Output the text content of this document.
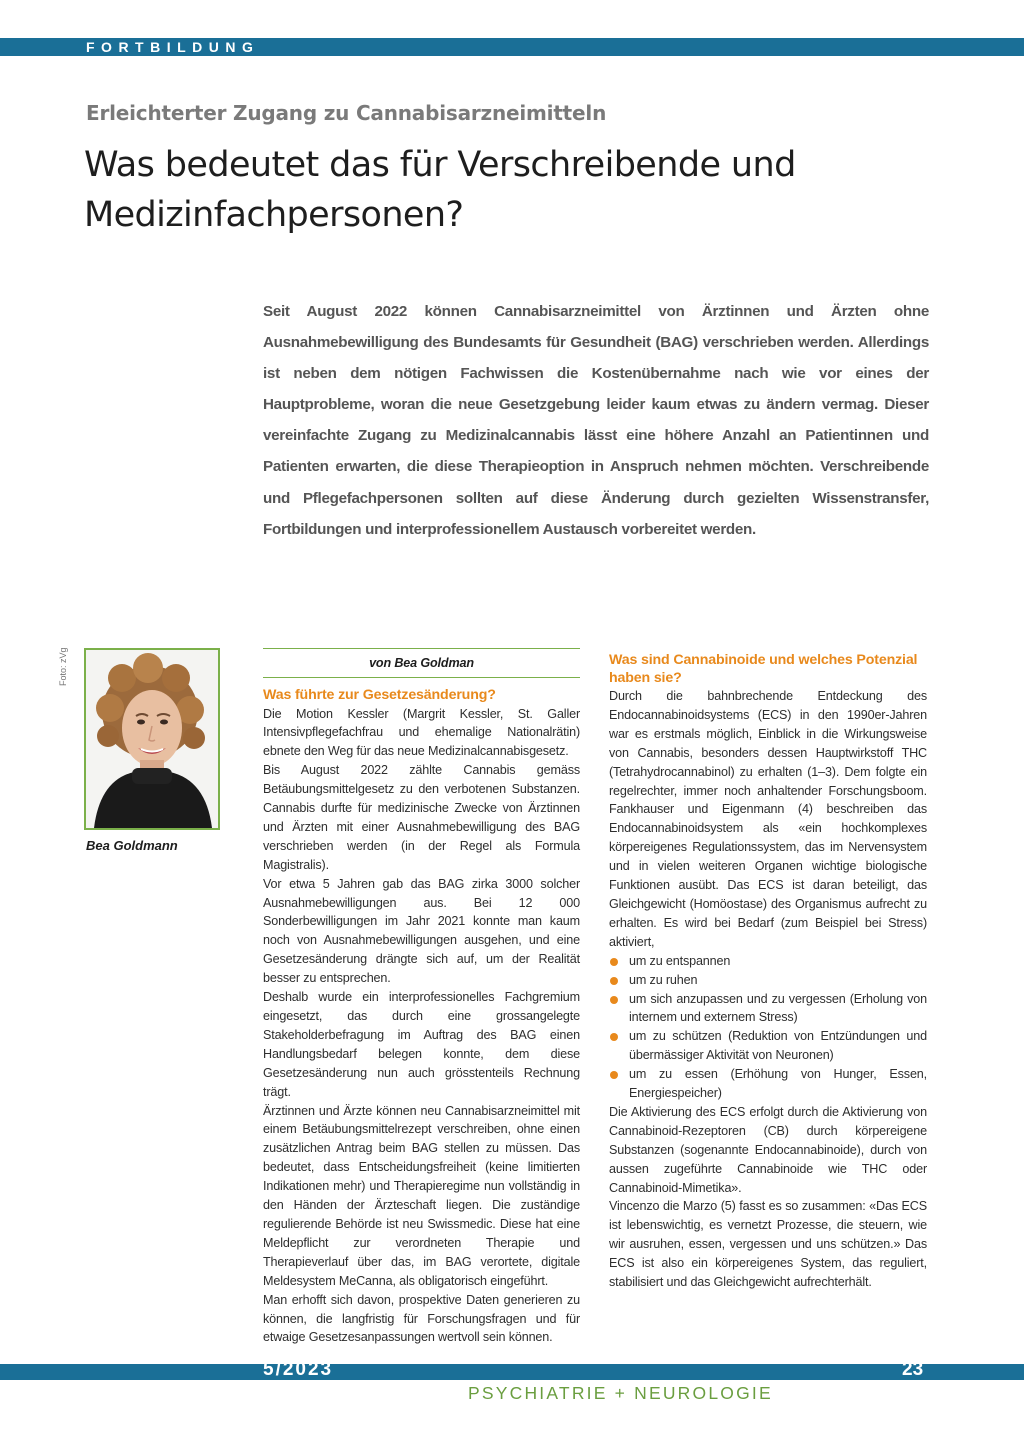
FORTBILDUNG
Erleichterter Zugang zu Cannabisarzneimitteln
Was bedeutet das für Verschreibende und Medizinfachpersonen?
Seit August 2022 können Cannabisarzneimittel von Ärztinnen und Ärzten ohne Ausnahmebewilligung des Bundesamts für Gesundheit (BAG) verschrieben werden. Allerdings ist neben dem nötigen Fachwissen die Kostenübernahme nach wie vor eines der Hauptprobleme, woran die neue Gesetzgebung leider kaum etwas zu ändern vermag. Dieser vereinfachte Zugang zu Medizinalcannabis lässt eine höhere Anzahl an Patientinnen und Patienten erwarten, die diese Therapieoption in Anspruch nehmen möchten. Verschreibende und Pflegefachpersonen sollten auf diese Änderung durch gezielten Wissenstransfer, Fortbildungen und interprofessionellem Austausch vorbereitet werden.
Foto: zVg
Bea Goldmann
von Bea Goldman
Was führte zur Gesetzesänderung?

Die Motion Kessler (Margrit Kessler, St. Galler Intensivpflegefachfrau und ehemalige Nationalrätin) ebnete den Weg für das neue Medizinalcannabisgesetz.

Bis August 2022 zählte Cannabis gemäss Betäubungsmittelgesetz zu den verbotenen Substanzen. Cannabis durfte für medizinische Zwecke von Ärztinnen und Ärzten mit einer Ausnahmebewilligung des BAG verschrieben werden (in der Regel als Formula Magistralis).

Vor etwa 5 Jahren gab das BAG zirka 3000 solcher Ausnahmebewilligungen aus. Bei 12 000 Sonderbewilligungen im Jahr 2021 konnte man kaum noch von Ausnahmebewilligungen ausgehen, und eine Gesetzesänderung drängte sich auf, um der Realität besser zu entsprechen.

Deshalb wurde ein interprofessionelles Fachgremium eingesetzt, das durch eine grossangelegte Stakeholderbefragung im Auftrag des BAG einen Handlungsbedarf belegen konnte, dem diese Gesetzesänderung nun auch grösstenteils Rechnung trägt.

Ärztinnen und Ärzte können neu Cannabisarzneimittel mit einem Betäubungsmittelrezept verschreiben, ohne einen zusätzlichen Antrag beim BAG stellen zu müssen. Das bedeutet, dass Entscheidungsfreiheit (keine limitierten Indikationen mehr) und Therapieregime nun vollständig in den Händen der Ärzteschaft liegen. Die zuständige regulierende Behörde ist neu Swissmedic. Diese hat eine Meldepflicht zur verordneten Therapie und Therapieverlauf über das, im BAG verortete, digitale Meldesystem MeCanna, als obligatorisch eingeführt.

Man erhofft sich davon, prospektive Daten generieren zu können, die langfristig für Forschungsfragen und für etwaige Gesetzesanpassungen wertvoll sein können.

Was sind Cannabinoide und welches Potenzial haben sie?

Durch die bahnbrechende Entdeckung des Endocannabinoidsystems (ECS) in den 1990er-Jahren war es erstmals möglich, Einblick in die Wirkungsweise von Cannabis, besonders dessen Hauptwirkstoff THC (Tetrahydrocannabinol) zu erhalten (1–3). Dem folgte ein regelrechter, immer noch anhaltender Forschungsboom. Fankhauser und Eigenmann (4) beschreiben das Endocannabinoidsystem als «ein hochkomplexes körpereigenes Regulationssystem, das im Nervensystem und in vielen weiteren Organen wichtige biologische Funktionen ausübt. Das ECS ist daran beteiligt, das Gleichgewicht (Homöostase) des Organismus aufrecht zu erhalten. Es wird bei Bedarf (zum Beispiel bei Stress) aktiviert,

um zu entspannen
um zu ruhen
um sich anzupassen und zu vergessen (Erholung von internem und externem Stress)
um zu schützen (Reduktion von Entzündungen und übermässiger Aktivität von Neuronen)
um zu essen (Erhöhung von Hunger, Essen, Energiespeicher)

Die Aktivierung des ECS erfolgt durch die Aktivierung von Cannabinoid-Rezeptoren (CB) durch körpereigene Substanzen (sogenannte Endocannabinoide), durch von aussen zugeführte Cannabinoide wie THC oder Cannabinoid-Mimetika».

Vincenzo die Marzo (5) fasst es so zusammen: «Das ECS ist lebenswichtig, es vernetzt Prozesse, die steuern, wie wir ausruhen, essen, vergessen und uns schützen.» Das ECS ist also ein körpereigenes System, das reguliert, stabilisiert und das Gleichgewicht aufrechterhält.

5/2023	23
PSYCHIATRIE + NEUROLOGIE
